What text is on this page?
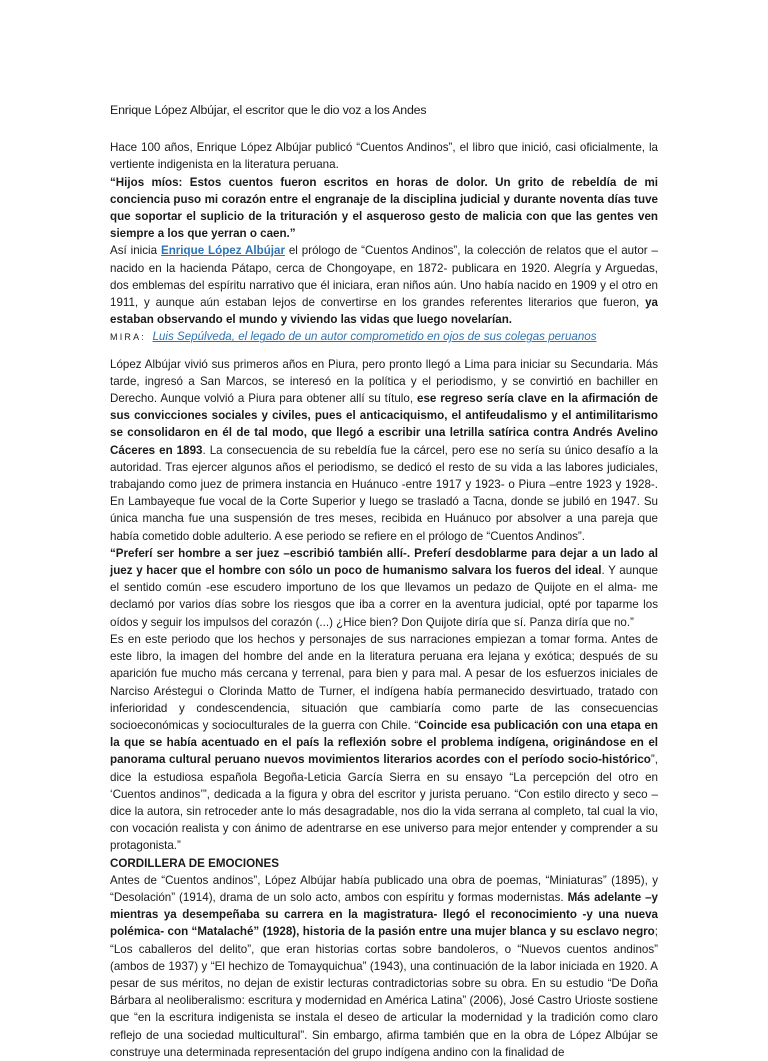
Enrique López Albújar, el escritor que le dio voz a los Andes

Hace 100 años, Enrique López Albújar publicó “Cuentos Andinos”, el libro que inició, casi oficialmente, la vertiente indigenista en la literatura peruana.

“Hijos míos: Estos cuentos fueron escritos en horas de dolor. Un grito de rebeldía de mi conciencia puso mi corazón entre el engranaje de la disciplina judicial y durante noventa días tuve que soportar el suplicio de la trituración y el asqueroso gesto de malicia con que las gentes ven siempre a los que yerran o caen.”

Así inicia Enrique López Albújar el prólogo de “Cuentos Andinos”, la colección de relatos que el autor –nacido en la hacienda Pátapo, cerca de Chongoyape, en 1872- publicara en 1920. Alegría y Arguedas, dos emblemas del espíritu narrativo que él iniciara, eran niños aún. Uno había nacido en 1909 y el otro en 1911, y aunque aún estaban lejos de convertirse en los grandes referentes literarios que fueron, ya estaban observando el mundo y viviendo las vidas que luego novelarían.

MIRA: Luis Sepúlveda, el legado de un autor comprometido en ojos de sus colegas peruanos

López Albújar vivió sus primeros años en Piura, pero pronto llegó a Lima para iniciar su Secundaria. Más tarde, ingresó a San Marcos, se interesó en la política y el periodismo, y se convirtió en bachiller en Derecho. Aunque volvió a Piura para obtener allí su título, ese regreso sería clave en la afirmación de sus convicciones sociales y civiles, pues el anticaciquismo, el antifeudalismo y el antimilitarismo se consolidaron en él de tal modo, que llegó a escribir una letrilla satírica contra Andrés Avelino Cáceres en 1893. La consecuencia de su rebeldía fue la cárcel, pero ese no sería su único desafío a la autoridad. Tras ejercer algunos años el periodismo, se dedicó el resto de su vida a las labores judiciales, trabajando como juez de primera instancia en Huánuco -entre 1917 y 1923- o Piura –entre 1923 y 1928-. En Lambayeque fue vocal de la Corte Superior y luego se trasladó a Tacna, donde se jubiló en 1947. Su única mancha fue una suspensión de tres meses, recibida en Huánuco por absolver a una pareja que había cometido doble adulterio. A ese periodo se refiere en el prólogo de “Cuentos Andinos”.

“Preferí ser hombre a ser juez –escribió también allí-. Preferí desdoblarme para dejar a un lado al juez y hacer que el hombre con sólo un poco de humanismo salvara los fueros del ideal. Y aunque el sentido común -ese escudero importuno de los que llevamos un pedazo de Quijote en el alma- me declamó por varios días sobre los riesgos que iba a correr en la aventura judicial, opté por taparme los oídos y seguir los impulsos del corazón (...) ¿Hice bien? Don Quijote diría que sí. Panza diría que no.”

Es en este periodo que los hechos y personajes de sus narraciones empiezan a tomar forma. Antes de este libro, la imagen del hombre del ande en la literatura peruana era lejana y exótica; después de su aparición fue mucho más cercana y terrenal, para bien y para mal. A pesar de los esfuerzos iniciales de Narciso Aréstegui o Clorinda Matto de Turner, el indígena había permanecido desvirtuado, tratado con inferioridad y condescendencia, situación que cambiaría como parte de las consecuencias socioeconómicas y socioculturales de la guerra con Chile. “Coincide esa publicación con una etapa en la que se había acentuado en el país la reflexión sobre el problema indígena, originándose en el panorama cultural peruano nuevos movimientos literarios acordes con el período socio-histórico”, dice la estudiosa española Begoña-Leticia García Sierra en su ensayo “La percepción del otro en ‘Cuentos andinos’”, dedicada a la figura y obra del escritor y jurista peruano. “Con estilo directo y seco –dice la autora, sin retroceder ante lo más desagradable, nos dio la vida serrana al completo, tal cual la vio, con vocación realista y con ánimo de adentrarse en ese universo para mejor entender y comprender a su protagonista.”

CORDILLERA DE EMOCIONES

Antes de “Cuentos andinos”, López Albújar había publicado una obra de poemas, “Miniaturas” (1895), y “Desolación” (1914), drama de un solo acto, ambos con espíritu y formas modernistas. Más adelante –y mientras ya desempeñaba su carrera en la magistratura- llegó el reconocimiento -y una nueva polémica- con “Matalaché” (1928), historia de la pasión entre una mujer blanca y su esclavo negro; “Los caballeros del delito”, que eran historias cortas sobre bandoleros, o “Nuevos cuentos andinos” (ambos de 1937) y “El hechizo de Tomayquichua” (1943), una continuación de la labor iniciada en 1920. A pesar de sus méritos, no dejan de existir lecturas contradictorias sobre su obra. En su estudio “De Doña Bárbara al neoliberalismo: escritura y modernidad en América Latina” (2006), José Castro Urioste sostiene que “en la escritura indigenista se instala el deseo de articular la modernidad y la tradición como claro reflejo de una sociedad multicultural”. Sin embargo, afirma también que en la obra de López Albújar se construye una determinada representación del grupo indígena andino con la finalidad de
